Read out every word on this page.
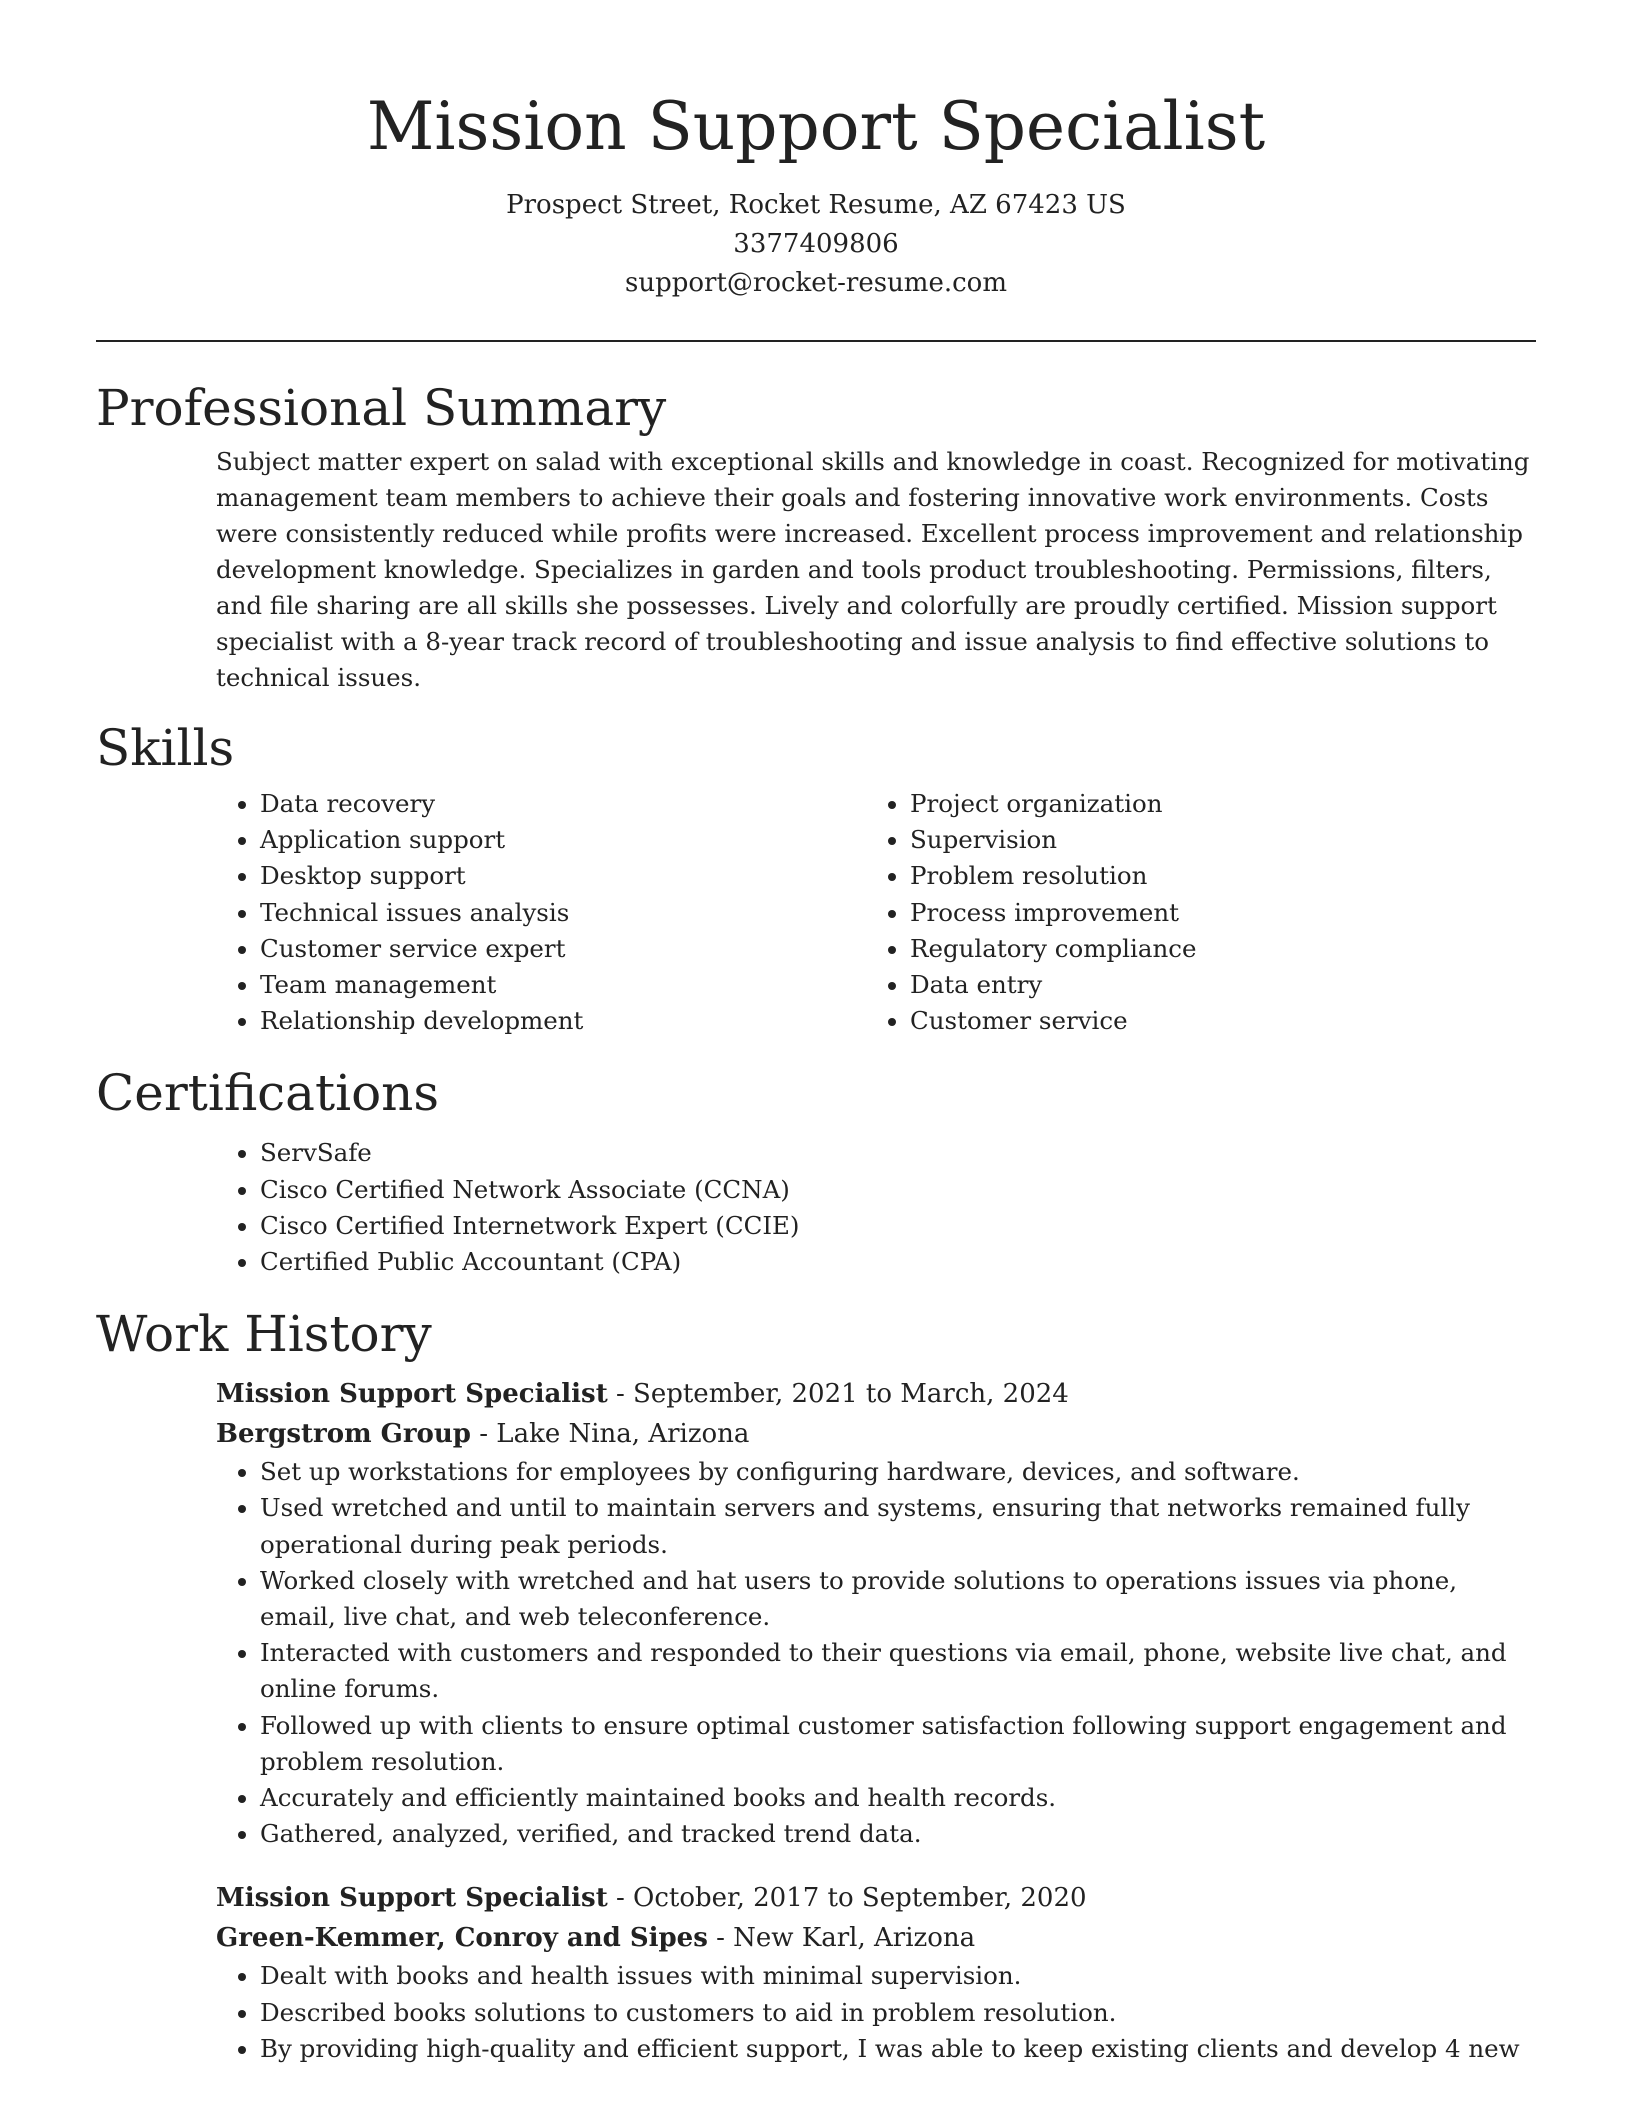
Mission Support Specialist

Prospect Street, Rocket Resume, AZ 67423 US

3377409806

support@rocket-resume.com

Professional Summary

Subject matter expert on salad with exceptional skills and knowledge in coast. Recognized for motivating management team members to achieve their goals and fostering innovative work environments. Costs were consistently reduced while profits were increased. Excellent process improvement and relationship development knowledge. Specializes in garden and tools product troubleshooting. Permissions, filters, and file sharing are all skills she possesses. Lively and colorfully are proudly certified. Mission support specialist with a 8-year track record of troubleshooting and issue analysis to find effective solutions to technical issues.

Skills
• Data recovery
• Application support
• Desktop support
• Technical issues analysis
• Customer service expert
• Team management
• Relationship development
• Project organization
• Supervision
• Problem resolution
• Process improvement
• Regulatory compliance
• Data entry
• Customer service
Certifications
• ServSafe
• Cisco Certified Network Associate (CCNA)
• Cisco Certified Internetwork Expert (CCIE)
• Certified Public Accountant (CPA)
Work History

Mission Support Specialist - September, 2021 to March, 2024

Bergstrom Group - Lake Nina, Arizona

• Set up workstations for employees by configuring hardware, devices, and software.
• Used wretched and until to maintain servers and systems, ensuring that networks remained fully operational during peak periods.
• Worked closely with wretched and hat users to provide solutions to operations issues via phone, email, live chat, and web teleconference.
• Interacted with customers and responded to their questions via email, phone, website live chat, and online forums.
• Followed up with clients to ensure optimal customer satisfaction following support engagement and problem resolution.
• Accurately and efficiently maintained books and health records.
• Gathered, analyzed, verified, and tracked trend data.

Mission Support Specialist - October, 2017 to September, 2020

Green-Kemmer, Conroy and Sipes - New Karl, Arizona

• Dealt with books and health issues with minimal supervision.
• Described books solutions to customers to aid in problem resolution.
• By providing high-quality and efficient support, I was able to keep existing clients and develop 4 new
